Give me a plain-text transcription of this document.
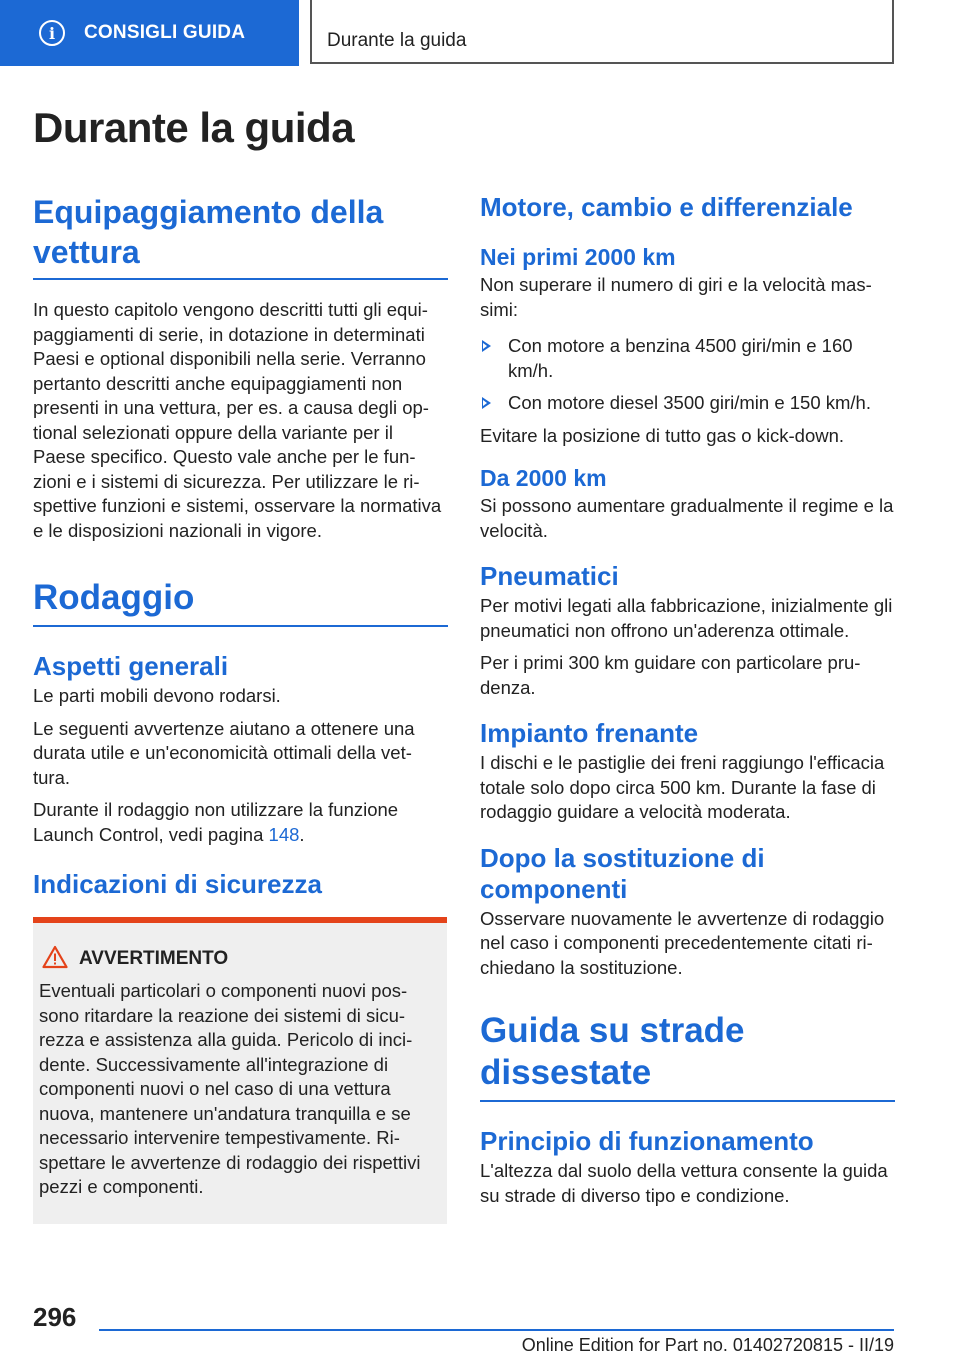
i	CONSIGLI GUIDA	Durante la guida
Durante la guida
Equipaggiamento della vettura
In questo capitolo vengono descritti tutti gli equi-paggiamenti di serie, in dotazione in determinati Paesi e optional disponibili nella serie. Verranno pertanto descritti anche equipaggiamenti non presenti in una vettura, per es. a causa degli op-tional selezionati oppure della variante per il Paese specifico. Questo vale anche per le fun-zioni e i sistemi di sicurezza. Per utilizzare le ri-spettive funzioni e sistemi, osservare la normativa e le disposizioni nazionali in vigore.
Rodaggio
Aspetti generali
Le parti mobili devono rodarsi.
Le seguenti avvertenze aiutano a ottenere una durata utile e un'economicità ottimali della vet-tura.
Durante il rodaggio non utilizzare la funzione Launch Control, vedi pagina 148.
Indicazioni di sicurezza
AVVERTIMENTO
Eventuali particolari o componenti nuovi pos-sono ritardare la reazione dei sistemi di sicu-rezza e assistenza alla guida. Pericolo di inci-dente. Successivamente all'integrazione di componenti nuovi o nel caso di una vettura nuova, mantenere un'andatura tranquilla e se necessario intervenire tempestivamente. Ri-spettare le avvertenze di rodaggio dei rispettivi pezzi e componenti.
Motore, cambio e differenziale
Nei primi 2000 km
Non superare il numero di giri e la velocità mas-simi:
Con motore a benzina 4500 giri/min e 160 km/h.
Con motore diesel 3500 giri/min e 150 km/h.
Evitare la posizione di tutto gas o kick-down.
Da 2000 km
Si possono aumentare gradualmente il regime e la velocità.
Pneumatici
Per motivi legati alla fabbricazione, inizialmente gli pneumatici non offrono un'aderenza ottimale.
Per i primi 300 km guidare con particolare pru-denza.
Impianto frenante
I dischi e le pastiglie dei freni raggiungo l'efficacia totale solo dopo circa 500 km. Durante la fase di rodaggio guidare a velocità moderata.
Dopo la sostituzione di componenti
Osservare nuovamente le avvertenze di rodaggio nel caso i componenti precedentemente citati ri-chiedano la sostituzione.
Guida su strade dissestate
Principio di funzionamento
L'altezza dal suolo della vettura consente la guida su strade di diverso tipo e condizione.
296
Online Edition for Part no. 01402720815 - II/19
